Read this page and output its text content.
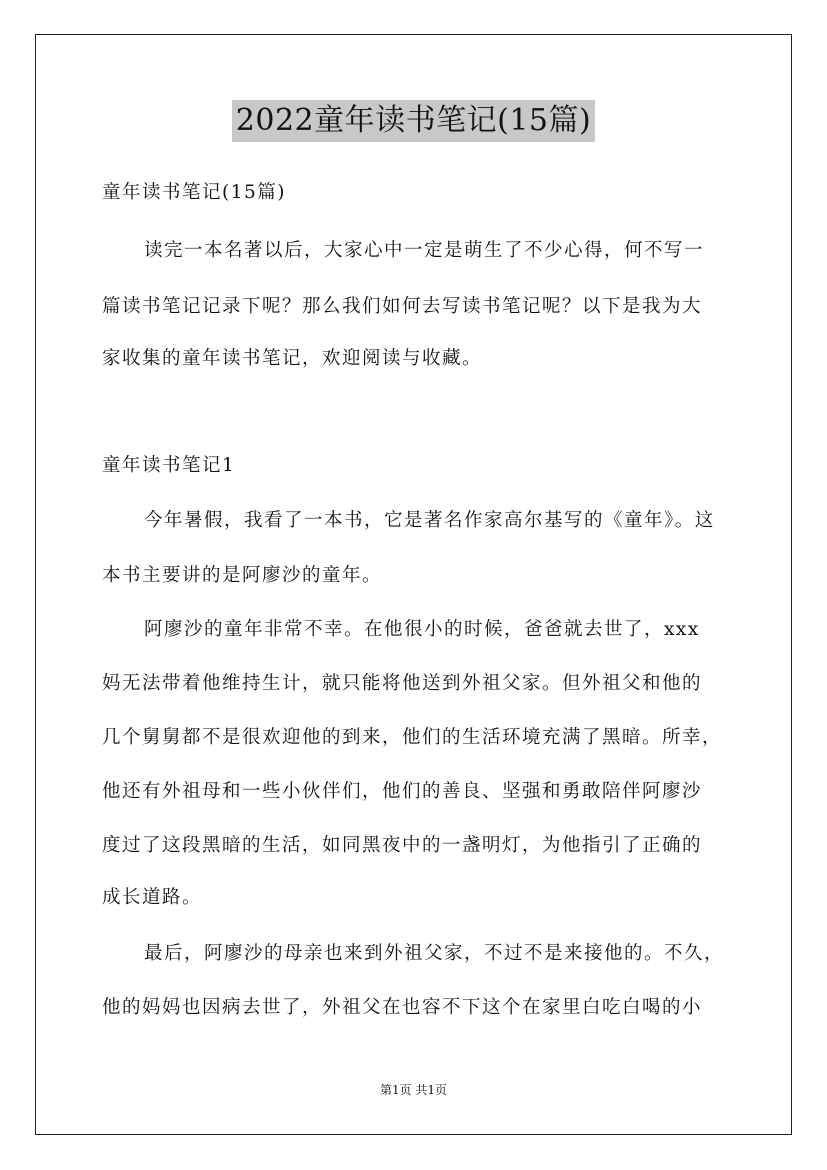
2022童年读书笔记(15篇)
童年读书笔记(15篇)
读完一本名著以后，大家心中一定是萌生了不少心得，何不写一
篇读书笔记记录下呢？那么我们如何去写读书笔记呢？以下是我为大
家收集的童年读书笔记，欢迎阅读与收藏。
童年读书笔记1
今年暑假，我看了一本书，它是著名作家高尔基写的《童年》。这
本书主要讲的是阿廖沙的童年。
阿廖沙的童年非常不幸。在他很小的时候，爸爸就去世了，xxx
妈无法带着他维持生计，就只能将他送到外祖父家。但外祖父和他的
几个舅舅都不是很欢迎他的到来，他们的生活环境充满了黑暗。所幸，
他还有外祖母和一些小伙伴们，他们的善良、坚强和勇敢陪伴阿廖沙
度过了这段黑暗的生活，如同黑夜中的一盏明灯，为他指引了正确的
成长道路。
最后，阿廖沙的母亲也来到外祖父家，不过不是来接他的。不久，
他的妈妈也因病去世了，外祖父在也容不下这个在家里白吃白喝的小
第1页 共1页
